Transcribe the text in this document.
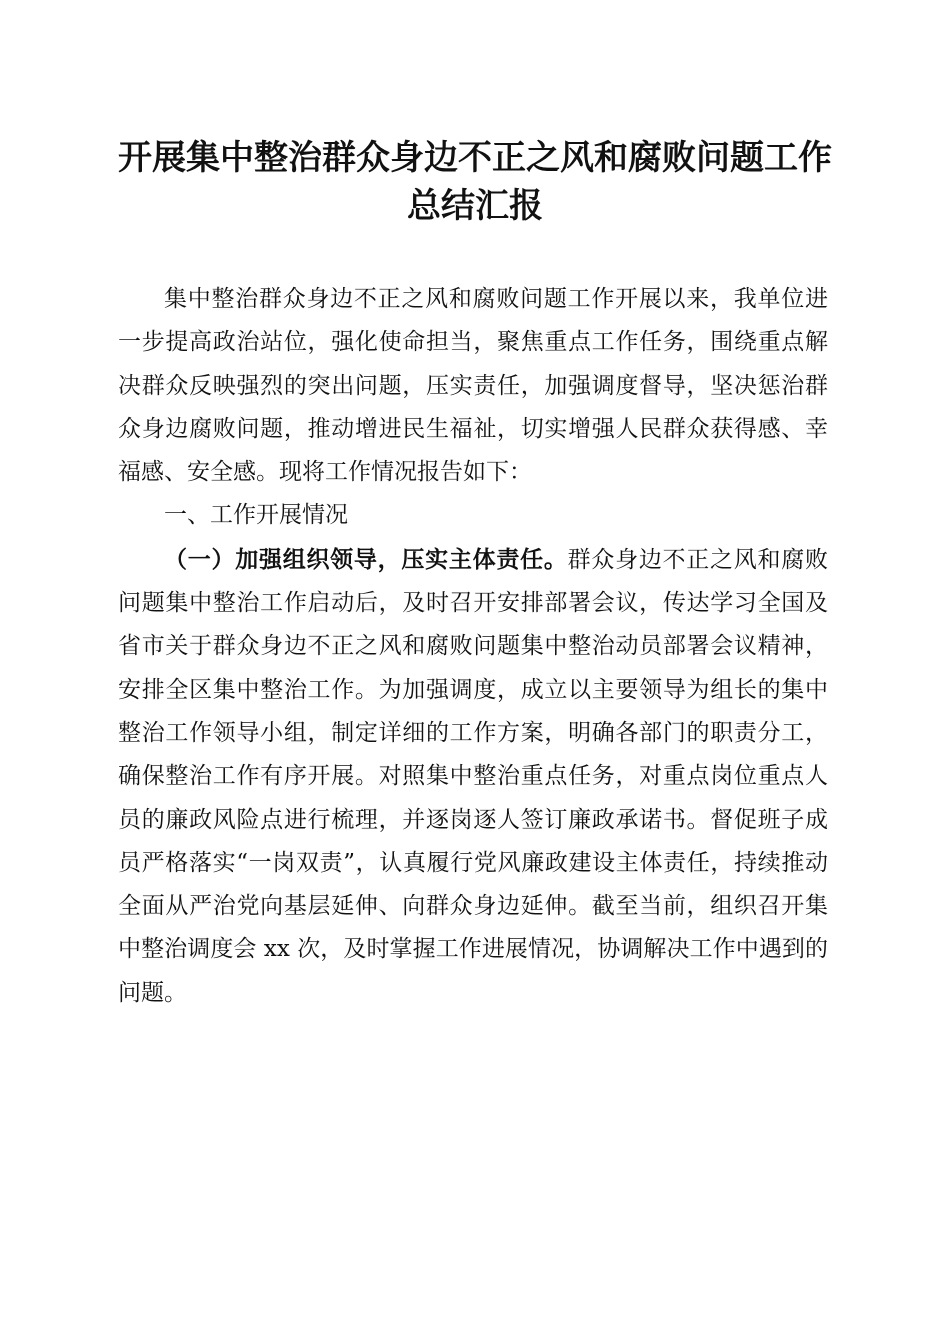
开展集中整治群众身边不正之风和腐败问题工作总结汇报

集中整治群众身边不正之风和腐败问题工作开展以来，我单位进一步提高政治站位，强化使命担当，聚焦重点工作任务，围绕重点解决群众反映强烈的突出问题，压实责任，加强调度督导，坚决惩治群众身边腐败问题，推动增进民生福祉，切实增强人民群众获得感、幸福感、安全感。现将工作情况报告如下：

一、工作开展情况

（一）加强组织领导，压实主体责任。群众身边不正之风和腐败问题集中整治工作启动后，及时召开安排部署会议，传达学习全国及省市关于群众身边不正之风和腐败问题集中整治动员部署会议精神，安排全区集中整治工作。为加强调度，成立以主要领导为组长的集中整治工作领导小组，制定详细的工作方案，明确各部门的职责分工，确保整治工作有序开展。对照集中整治重点任务，对重点岗位重点人员的廉政风险点进行梳理，并逐岗逐人签订廉政承诺书。督促班子成员严格落实“一岗双责”，认真履行党风廉政建设主体责任，持续推动全面从严治党向基层延伸、向群众身边延伸。截至当前，组织召开集中整治调度会 xx 次，及时掌握工作进展情况，协调解决工作中遇到的问题。
